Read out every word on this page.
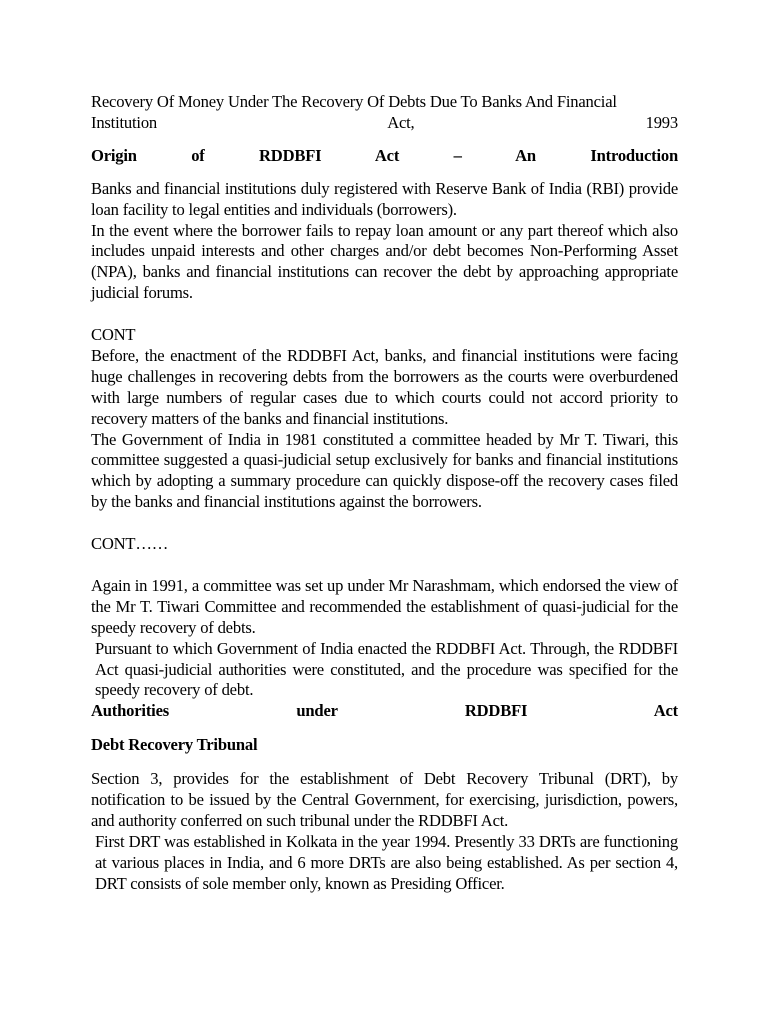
Recovery Of Money Under The Recovery Of Debts Due To Banks And Financial

Institution Act, 1993

Origin of RDDBFI Act – An Introduction

Banks and financial institutions duly registered with Reserve Bank of India (RBI) provide loan facility to legal entities and individuals (borrowers).

In the event where the borrower fails to repay loan amount or any part thereof which also includes unpaid interests and other charges and/or debt becomes Non-Performing Asset (NPA), banks and financial institutions can recover the debt by approaching appropriate judicial forums.

CONT

Before, the enactment of the RDDBFI Act, banks, and financial institutions were facing huge challenges in recovering debts from the borrowers as the courts were overburdened with large numbers of regular cases due to which courts could not accord priority to recovery matters of the banks and financial institutions.

The Government of India in 1981 constituted a committee headed by Mr T. Tiwari, this committee suggested a quasi-judicial setup exclusively for banks and financial institutions which by adopting a summary procedure can quickly dispose-off the recovery cases filed by the banks and financial institutions against the borrowers.

CONT……

Again in 1991, a committee was set up under Mr Narashmam, which endorsed the view of the Mr T. Tiwari Committee and recommended the establishment of quasi-judicial for the speedy recovery of debts.

Pursuant to which Government of India enacted the RDDBFI Act. Through, the RDDBFI Act quasi-judicial authorities were constituted, and the procedure was specified for the speedy recovery of debt.

Authorities under RDDBFI Act

Debt Recovery Tribunal

Section 3, provides for the establishment of Debt Recovery Tribunal (DRT), by notification to be issued by the Central Government, for exercising, jurisdiction, powers, and authority conferred on such tribunal under the RDDBFI Act.

First DRT was established in Kolkata in the year 1994. Presently 33 DRTs are functioning at various places in India, and 6 more DRTs are also being established. As per section 4, DRT consists of sole member only, known as Presiding Officer.
